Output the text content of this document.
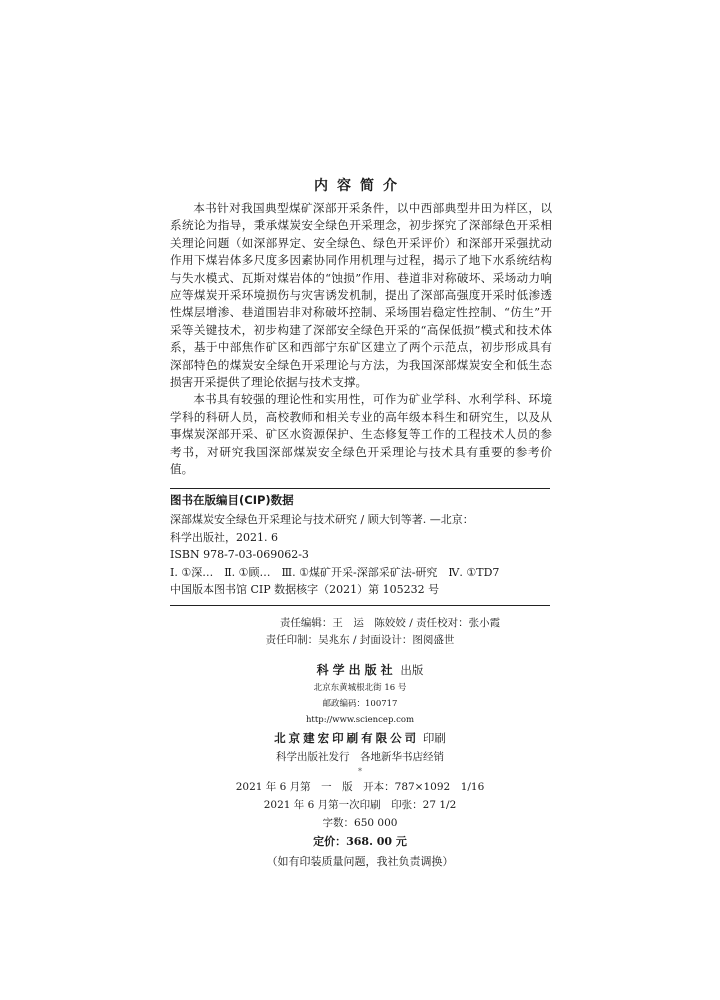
内容简介

本书针对我国典型煤矿深部开采条件，以中西部典型井田为样区，以系统论为指导，秉承煤炭安全绿色开采理念，初步探究了深部绿色开采相关理论问题（如深部界定、安全绿色、绿色开采评价）和深部开采强扰动作用下煤岩体多尺度多因素协同作用机理与过程，揭示了地下水系统结构与失水模式、瓦斯对煤岩体的“蚀损”作用、巷道非对称破坏、采场动力响应等煤炭开采环境损伤与灾害诱发机制，提出了深部高强度开采时低渗透性煤层增渗、巷道围岩非对称破坏控制、采场围岩稳定性控制、“仿生”开采等关键技术，初步构建了深部安全绿色开采的“高保低损”模式和技术体系，基于中部焦作矿区和西部宁东矿区建立了两个示范点，初步形成具有深部特色的煤炭安全绿色开采理论与方法，为我国深部煤炭安全和低生态损害开采提供了理论依据与技术支撑。

本书具有较强的理论性和实用性，可作为矿业学科、水利学科、环境学科的科研人员，高校教师和相关专业的高年级本科生和研究生，以及从事煤炭深部开采、矿区水资源保护、生态修复等工作的工程技术人员的参考书，对研究我国深部煤炭安全绿色开采理论与技术具有重要的参考价值。

图书在版编目(CIP)数据
深部煤炭安全绿色开采理论与技术研究 / 顾大钊等著. —北京：
科学出版社，2021. 6
ISBN 978-7-03-069062-3
Ⅰ. ①深…　Ⅱ. ①顾…　Ⅲ. ①煤矿开采-深部采矿法-研究　Ⅳ. ①TD7
中国版本图书馆 CIP 数据核字（2021）第 105232 号
责任编辑：王　运　陈姣姣 / 责任校对：张小霞
责任印制：吴兆东 / 封面设计：图阅盛世
科学出版社 出版
北京东黄城根北街 16 号
邮政编码：100717
http://www.sciencep.com
北京建宏印刷有限公司 印刷
科学出版社发行　各地新华书店经销
*
2021 年 6 月第　一　版　开本：787×1092　1/16
2021 年 6 月第一次印刷　印张：27 1/2
字数：650 000
定价：368. 00 元
（如有印装质量问题，我社负责调换）
